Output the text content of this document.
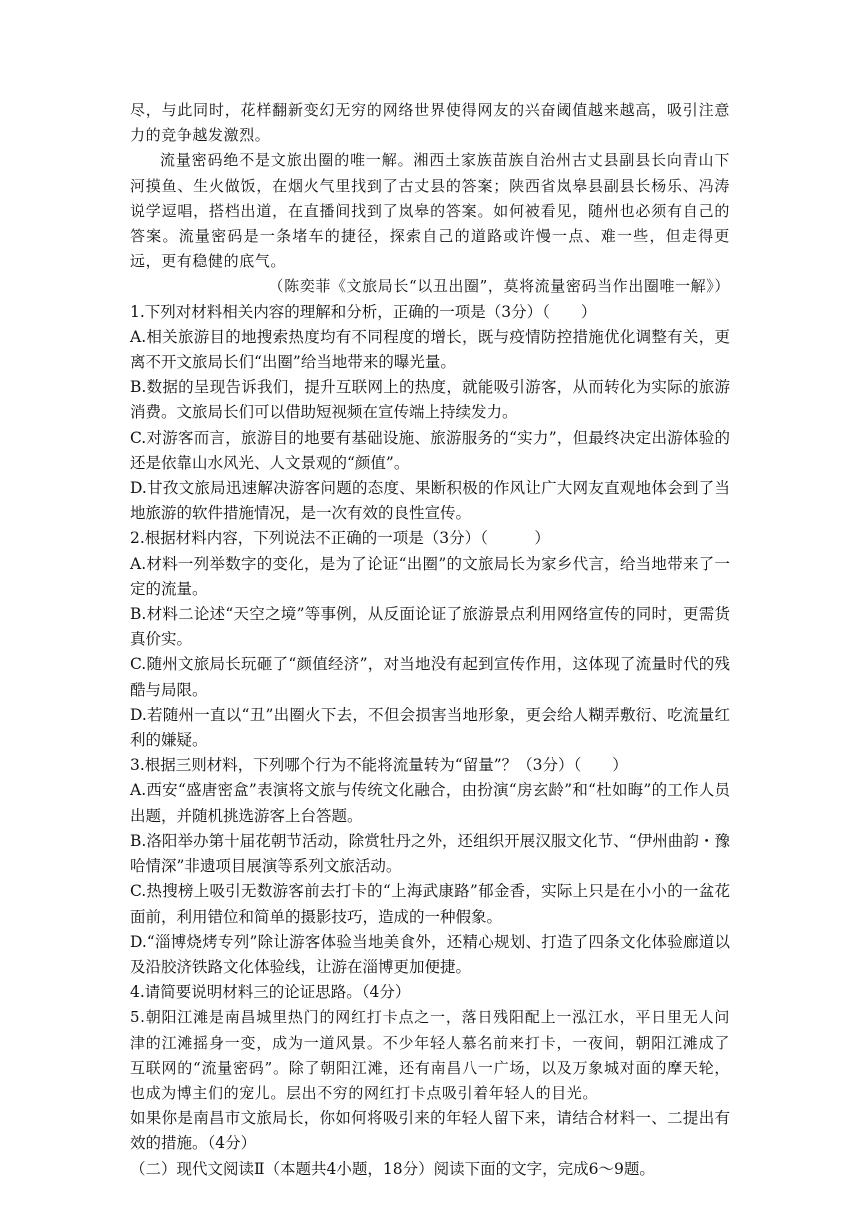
尽，与此同时，花样翻新变幻无穷的网络世界使得网友的兴奋阈值越来越高，吸引注意力的竞争越发激烈。

流量密码绝不是文旅出圈的唯一解。湘西土家族苗族自治州古丈县副县长向青山下河摸鱼、生火做饭，在烟火气里找到了古丈县的答案；陕西省岚皋县副县长杨乐、冯涛说学逗唱，搭档出道，在直播间找到了岚皋的答案。如何被看见，随州也必须有自己的答案。流量密码是一条堵车的捷径，探索自己的道路或许慢一点、难一些，但走得更远，更有稳健的底气。

（陈奕菲《文旅局长“以丑出圈”，莫将流量密码当作出圈唯一解》）

1.下列对材料相关内容的理解和分析，正确的一项是（3分）（　　）

A.相关旅游目的地搜索热度均有不同程度的增长，既与疫情防控措施优化调整有关，更离不开文旅局长们“出圈”给当地带来的曝光量。

B.数据的呈现告诉我们，提升互联网上的热度，就能吸引游客，从而转化为实际的旅游消费。文旅局长们可以借助短视频在宣传端上持续发力。

C.对游客而言，旅游目的地要有基础设施、旅游服务的“实力”，但最终决定出游体验的还是依靠山水风光、人文景观的“颜值”。

D.甘孜文旅局迅速解决游客问题的态度、果断积极的作风让广大网友直观地体会到了当地旅游的软件措施情况，是一次有效的良性宣传。

2.根据材料内容，下列说法不正确的一项是（3分）（　　　）

A.材料一列举数字的变化，是为了论证“出圈”的文旅局长为家乡代言，给当地带来了一定的流量。

B.材料二论述“天空之境”等事例，从反面论证了旅游景点利用网络宣传的同时，更需货真价实。

C.随州文旅局长玩砸了“颜值经济”，对当地没有起到宣传作用，这体现了流量时代的残酷与局限。

D.若随州一直以“丑”出圈火下去，不但会损害当地形象，更会给人糊弄敷衍、吃流量红利的嫌疑。

3.根据三则材料，下列哪个行为不能将流量转为“留量”？（3分）（　　）

A.西安“盛唐密盒”表演将文旅与传统文化融合，由扮演“房玄龄”和“杜如晦”的工作人员出题，并随机挑选游客上台答题。

B.洛阳举办第十届花朝节活动，除赏牡丹之外，还组织开展汉服文化节、“伊州曲韵・豫哈情深”非遗项目展演等系列文旅活动。

C.热搜榜上吸引无数游客前去打卡的“上海武康路”郁金香，实际上只是在小小的一盆花面前，利用错位和简单的摄影技巧，造成的一种假象。

D.“淄博烧烤专列”除让游客体验当地美食外，还精心规划、打造了四条文化体验廊道以及沿胶济铁路文化体验线，让游在淄博更加便捷。

4.请简要说明材料三的论证思路。（4分）

5.朝阳江滩是南昌城里热门的网红打卡点之一，落日残阳配上一泓江水，平日里无人问津的江滩摇身一变，成为一道风景。不少年轻人慕名前来打卡，一夜间，朝阳江滩成了互联网的“流量密码”。除了朝阳江滩，还有南昌八一广场，以及万象城对面的摩天轮，也成为博主们的宠儿。层出不穷的网红打卡点吸引着年轻人的目光。

如果你是南昌市文旅局长，你如何将吸引来的年轻人留下来，请结合材料一、二提出有效的措施。（4分）

（二）现代文阅读Ⅱ（本题共4小题，18分）阅读下面的文字，完成6～9题。
